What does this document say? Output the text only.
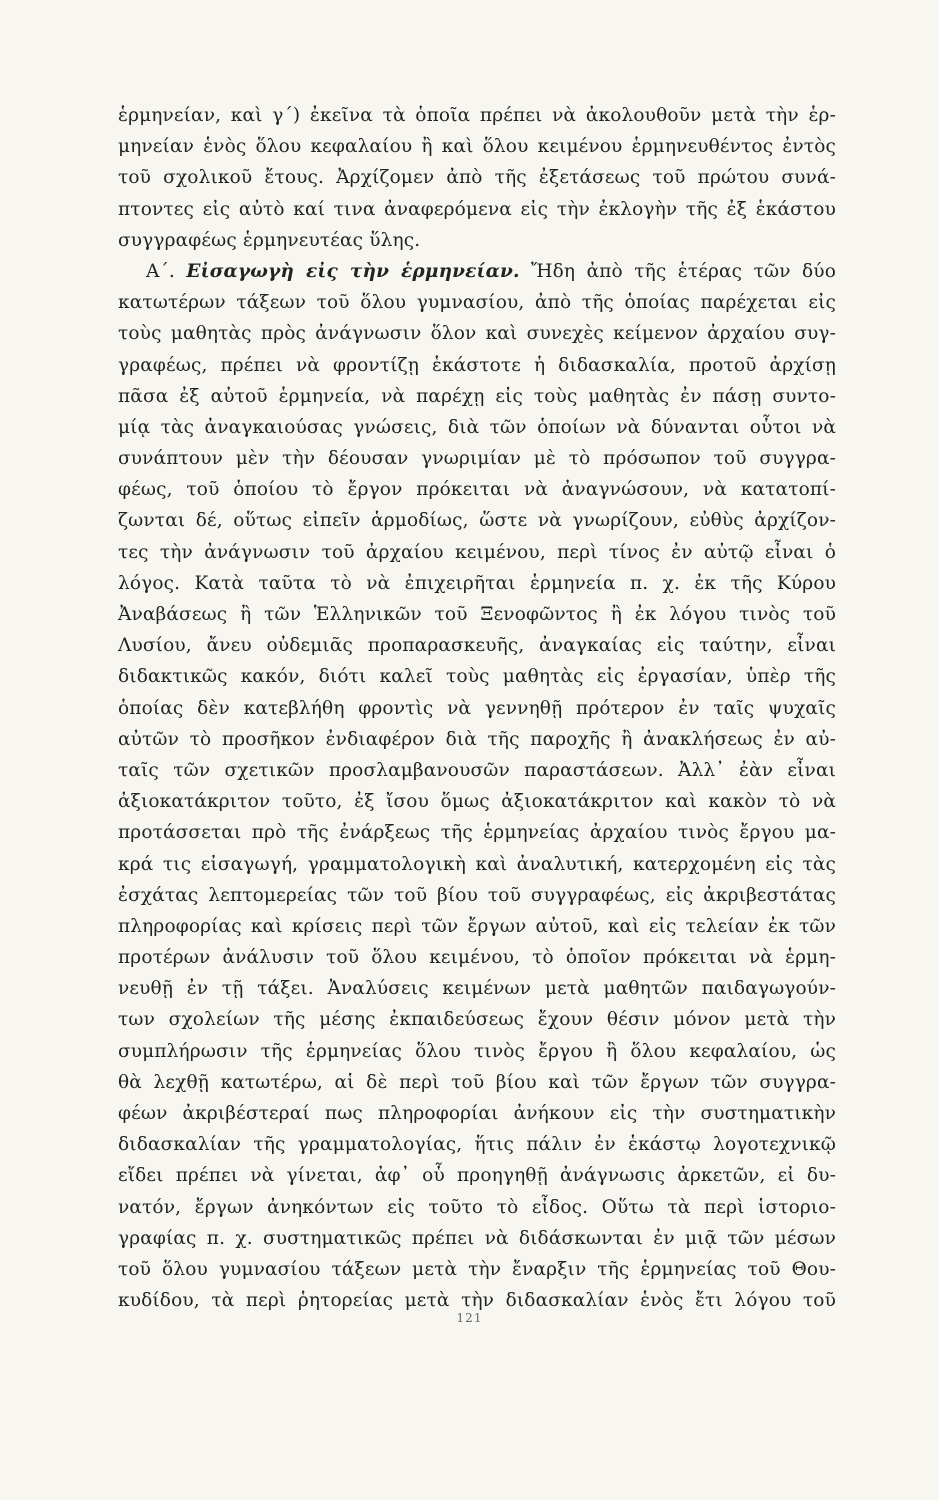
ἑρμηνείαν, καὶ γ΄) ἐκεῖνα τὰ ὁποῖα πρέπει νὰ ἀκολουθοῦν μετὰ τὴν ἑρ-
μηνείαν ἑνὸς ὅλου κεφαλαίου ἢ καὶ ὅλου κειμένου ἑρμηνευθέντος ἐντὸς
τοῦ σχολικοῦ ἔτους. Ἀρχίζομεν ἀπὸ τῆς ἐξετάσεως τοῦ πρώτου συνά-
πτοντες εἰς αὐτὸ καί τινα ἀναφερόμενα εἰς τὴν ἐκλογὴν τῆς ἐξ ἑκάστου
συγγραφέως ἑρμηνευτέας ὕλης.
Α΄. Εἰσαγωγὴ εἰς τὴν ἑρμηνείαν. Ἤδη ἀπὸ τῆς ἑτέρας τῶν δύο
κατωτέρων τάξεων τοῦ ὅλου γυμνασίου, ἀπὸ τῆς ὁποίας παρέχεται εἰς
τοὺς μαθητὰς πρὸς ἀνάγνωσιν ὅλον καὶ συνεχὲς κείμενον ἀρχαίου συγ-
γραφέως, πρέπει νὰ φροντίζῃ ἑκάστοτε ἡ διδασκαλία, προτοῦ ἀρχίσῃ
πᾶσα ἐξ αὐτοῦ ἑρμηνεία, νὰ παρέχῃ εἰς τοὺς μαθητὰς ἐν πάσῃ συντο-
μίᾳ τὰς ἀναγκαιούσας γνώσεις, διὰ τῶν ὁποίων νὰ δύνανται οὗτοι νὰ
συνάπτουν μὲν τὴν δέουσαν γνωριμίαν μὲ τὸ πρόσωπον τοῦ συγγρα-
φέως, τοῦ ὁποίου τὸ ἔργον πρόκειται νὰ ἀναγνώσουν, νὰ κατατοπί-
ζωνται δέ, οὕτως εἰπεῖν ἁρμοδίως, ὥστε νὰ γνωρίζουν, εὐθὺς ἀρχίζον-
τες τὴν ἀνάγνωσιν τοῦ ἀρχαίου κειμένου, περὶ τίνος ἐν αὐτῷ εἶναι ὁ
λόγος. Κατὰ ταῦτα τὸ νὰ ἐπιχειρῆται ἑρμηνεία π. χ. ἐκ τῆς Κύρου
Ἀναβάσεως ἢ τῶν Ἑλληνικῶν τοῦ Ξενοφῶντος ἢ ἐκ λόγου τινὸς τοῦ
Λυσίου, ἄνευ οὐδεμιᾶς προπαρασκευῆς, ἀναγκαίας εἰς ταύτην, εἶναι
διδακτικῶς κακόν, διότι καλεῖ τοὺς μαθητὰς εἰς ἐργασίαν, ὑπὲρ τῆς
ὁποίας δὲν κατεβλήθη φροντὶς νὰ γεννηθῇ πρότερον ἐν ταῖς ψυχαῖς
αὐτῶν τὸ προσῆκον ἐνδιαφέρον διὰ τῆς παροχῆς ἢ ἀνακλήσεως ἐν αὐ-
ταῖς τῶν σχετικῶν προσλαμβανουσῶν παραστάσεων. Ἀλλ᾽ ἐὰν εἶναι
ἀξιοκατάκριτον τοῦτο, ἐξ ἴσου ὅμως ἀξιοκατάκριτον καὶ κακὸν τὸ νὰ
προτάσσεται πρὸ τῆς ἐνάρξεως τῆς ἑρμηνείας ἀρχαίου τινὸς ἔργου μα-
κρά τις εἰσαγωγή, γραμματολογικὴ καὶ ἀναλυτική, κατερχομένη εἰς τὰς
ἐσχάτας λεπτομερείας τῶν τοῦ βίου τοῦ συγγραφέως, εἰς ἀκριβεστάτας
πληροφορίας καὶ κρίσεις περὶ τῶν ἔργων αὐτοῦ, καὶ εἰς τελείαν ἐκ τῶν
προτέρων ἀνάλυσιν τοῦ ὅλου κειμένου, τὸ ὁποῖον πρόκειται νὰ ἑρμη-
νευθῇ ἐν τῇ τάξει. Ἀναλύσεις κειμένων μετὰ μαθητῶν παιδαγωγούν-
των σχολείων τῆς μέσης ἐκπαιδεύσεως ἔχουν θέσιν μόνον μετὰ τὴν
συμπλήρωσιν τῆς ἑρμηνείας ὅλου τινὸς ἔργου ἢ ὅλου κεφαλαίου, ὡς
θὰ λεχθῇ κατωτέρω, αἱ δὲ περὶ τοῦ βίου καὶ τῶν ἔργων τῶν συγγρα-
φέων ἀκριβέστεραί πως πληροφορίαι ἀνήκουν εἰς τὴν συστηματικὴν
διδασκαλίαν τῆς γραμματολογίας, ἥτις πάλιν ἐν ἑκάστῳ λογοτεχνικῷ
εἴδει πρέπει νὰ γίνεται, ἀφ᾽ οὗ προηγηθῇ ἀνάγνωσις ἀρκετῶν, εἰ δυ-
νατόν, ἔργων ἀνηκόντων εἰς τοῦτο τὸ εἶδος. Οὕτω τὰ περὶ ἱστοριο-
γραφίας π. χ. συστηματικῶς πρέπει νὰ διδάσκωνται ἐν μιᾷ τῶν μέσων
τοῦ ὅλου γυμνασίου τάξεων μετὰ τὴν ἔναρξιν τῆς ἑρμηνείας τοῦ Θου-
κυδίδου, τὰ περὶ ῥητορείας μετὰ τὴν διδασκαλίαν ἑνὸς ἔτι λόγου τοῦ
121
